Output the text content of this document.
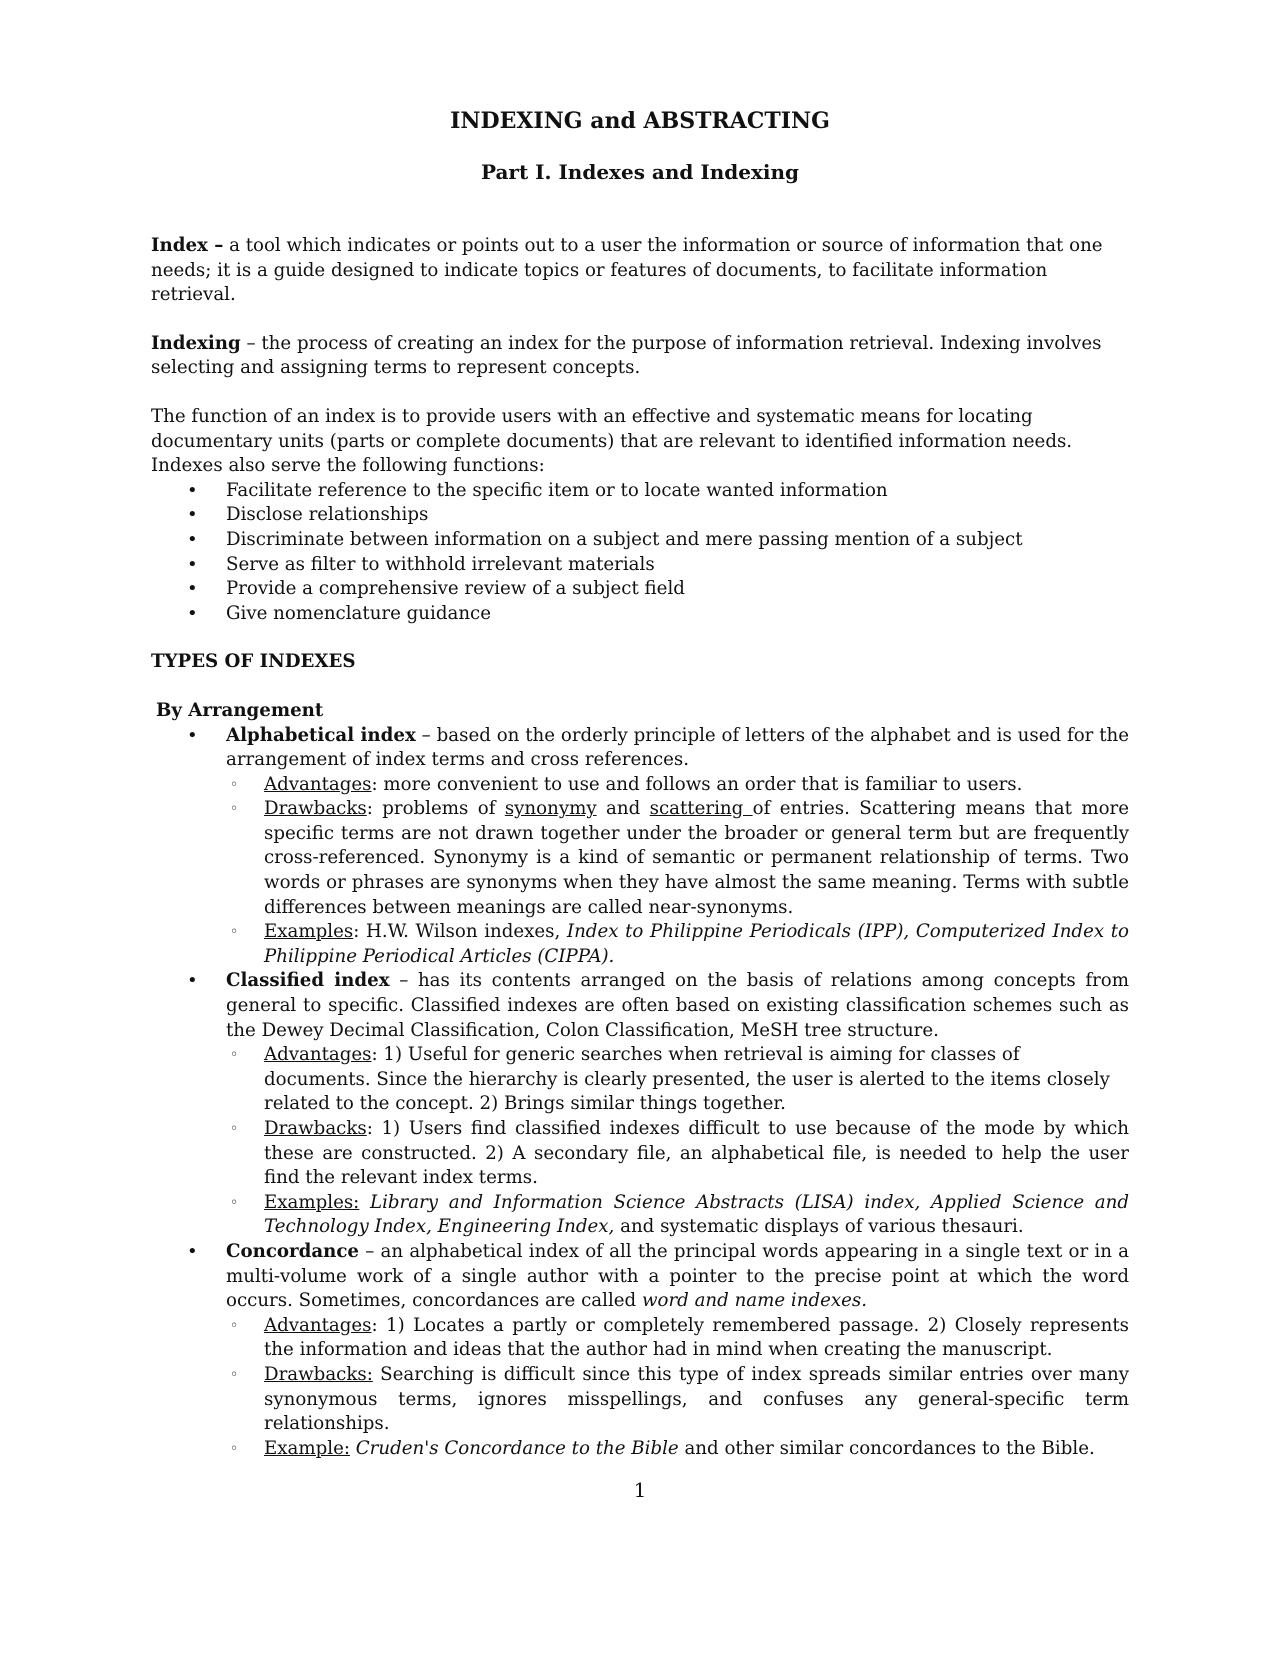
INDEXING and ABSTRACTING
Part I. Indexes and Indexing

Index – a tool which indicates or points out to a user the information or source of information that one needs; it is a guide designed to indicate topics or features of documents, to facilitate information retrieval.

Indexing – the process of creating an index for the purpose of information retrieval. Indexing involves selecting and assigning terms to represent concepts.

The function of an index is to provide users with an effective and systematic means for locating documentary units (parts or complete documents) that are relevant to identified information needs. Indexes also serve the following functions:

• Facilitate reference to the specific item or to locate wanted information
• Disclose relationships
• Discriminate between information on a subject and mere passing mention of a subject
• Serve as filter to withhold irrelevant materials
• Provide a comprehensive review of a subject field
• Give nomenclature guidance

TYPES OF INDEXES

By Arrangement

• Alphabetical index – based on the orderly principle of letters of the alphabet and is used for the arrangement of index terms and cross references.
◦ Advantages: more convenient to use and follows an order that is familiar to users.
◦ Drawbacks: problems of synonymy and scattering of entries. Scattering means that more specific terms are not drawn together under the broader or general term but are frequently cross-referenced. Synonymy is a kind of semantic or permanent relationship of terms. Two words or phrases are synonyms when they have almost the same meaning. Terms with subtle differences between meanings are called near-synonyms.
◦ Examples: H.W. Wilson indexes, Index to Philippine Periodicals (IPP), Computerized Index to Philippine Periodical Articles (CIPPA).
• Classified index – has its contents arranged on the basis of relations among concepts from general to specific. Classified indexes are often based on existing classification schemes such as the Dewey Decimal Classification, Colon Classification, MeSH tree structure.
◦ Advantages: 1) Useful for generic searches when retrieval is aiming for classes of documents. Since the hierarchy is clearly presented, the user is alerted to the items closely related to the concept. 2) Brings similar things together.
◦ Drawbacks: 1) Users find classified indexes difficult to use because of the mode by which these are constructed. 2) A secondary file, an alphabetical file, is needed to help the user find the relevant index terms.
◦ Examples: Library and Information Science Abstracts (LISA) index, Applied Science and Technology Index, Engineering Index, and systematic displays of various thesauri.
• Concordance – an alphabetical index of all the principal words appearing in a single text or in a multi-volume work of a single author with a pointer to the precise point at which the word occurs. Sometimes, concordances are called word and name indexes.
◦ Advantages: 1) Locates a partly or completely remembered passage. 2) Closely represents the information and ideas that the author had in mind when creating the manuscript.
◦ Drawbacks: Searching is difficult since this type of index spreads similar entries over many synonymous terms, ignores misspellings, and confuses any general-specific term relationships.
◦ Example: Cruden's Concordance to the Bible and other similar concordances to the Bible.
1
